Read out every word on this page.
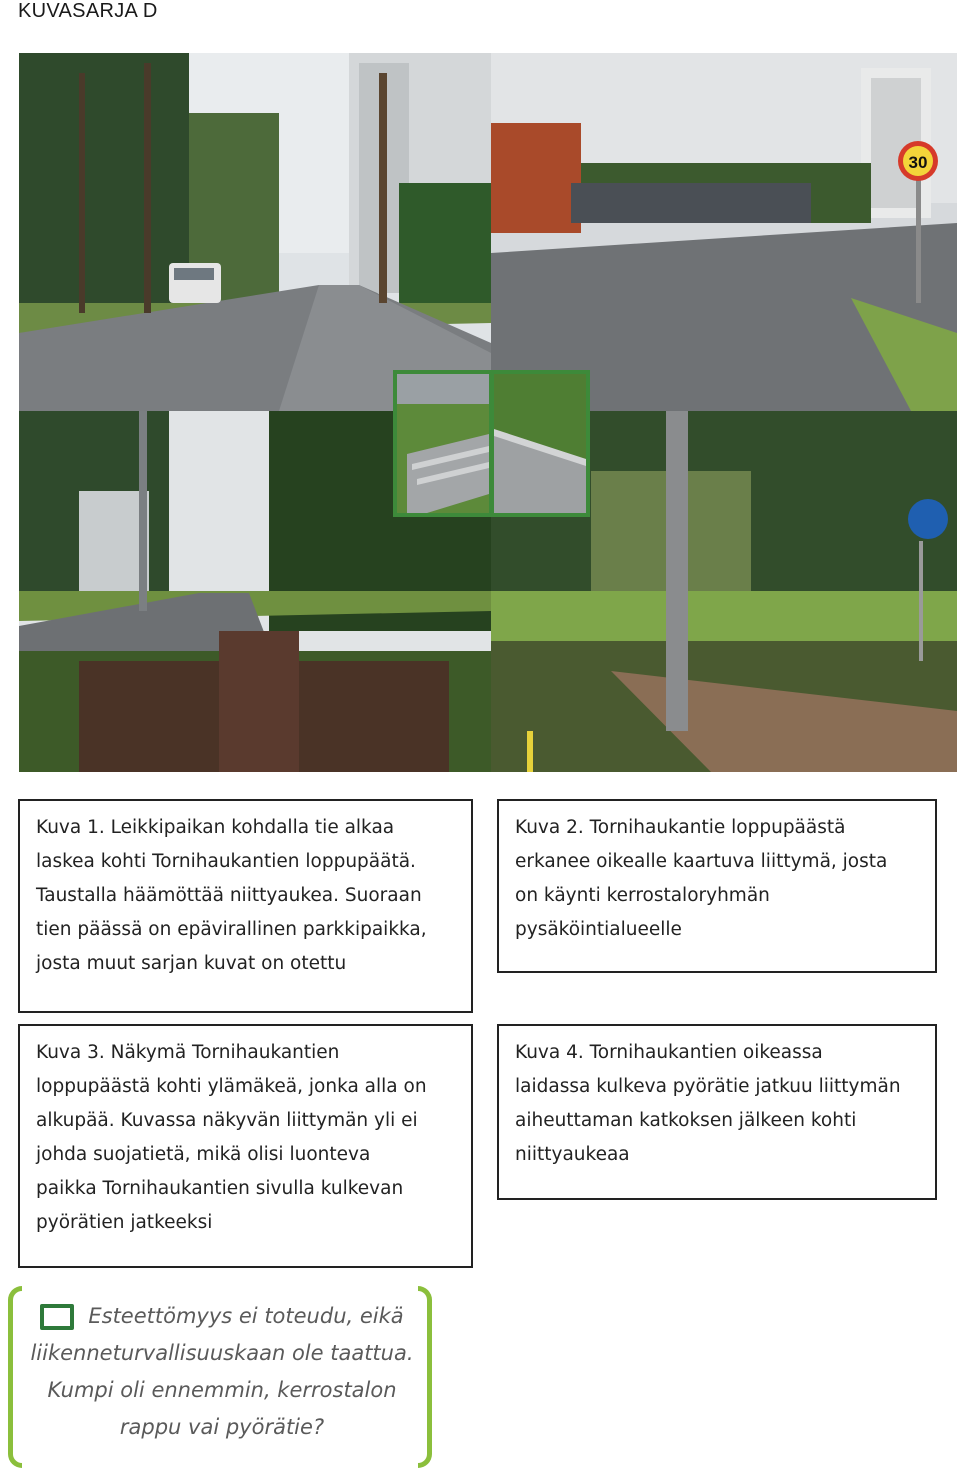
KUVASARJA D
30
Kuva 1. Leikkipaikan kohdalla tie alkaa
laskea kohti Tornihaukantien loppupäätä.
Taustalla häämöttää niittyaukea. Suoraan
tien päässä on epävirallinen parkkipaikka,
josta muut sarjan kuvat on otettu
Kuva 2. Tornihaukantie loppupäästä
erkanee oikealle kaartuva liittymä, josta
on käynti kerrostaloryhmän
pysäköintialueelle
Kuva 3. Näkymä Tornihaukantien
loppupäästä kohti ylämäkeä, jonka alla on
alkupää. Kuvassa näkyvän liittymän yli ei
johda suojatietä, mikä olisi luonteva
paikka Tornihaukantien sivulla kulkevan
pyörätien jatkeeksi
Kuva 4. Tornihaukantien oikeassa
laidassa kulkeva pyörätie jatkuu liittymän
aiheuttaman katkoksen jälkeen kohti
niittyaukeaa
Esteettömyys ei toteudu, eikä
liikenneturvallisuuskaan ole taattua.
Kumpi oli ennemmin, kerrostalon
rappu vai pyörätie?
